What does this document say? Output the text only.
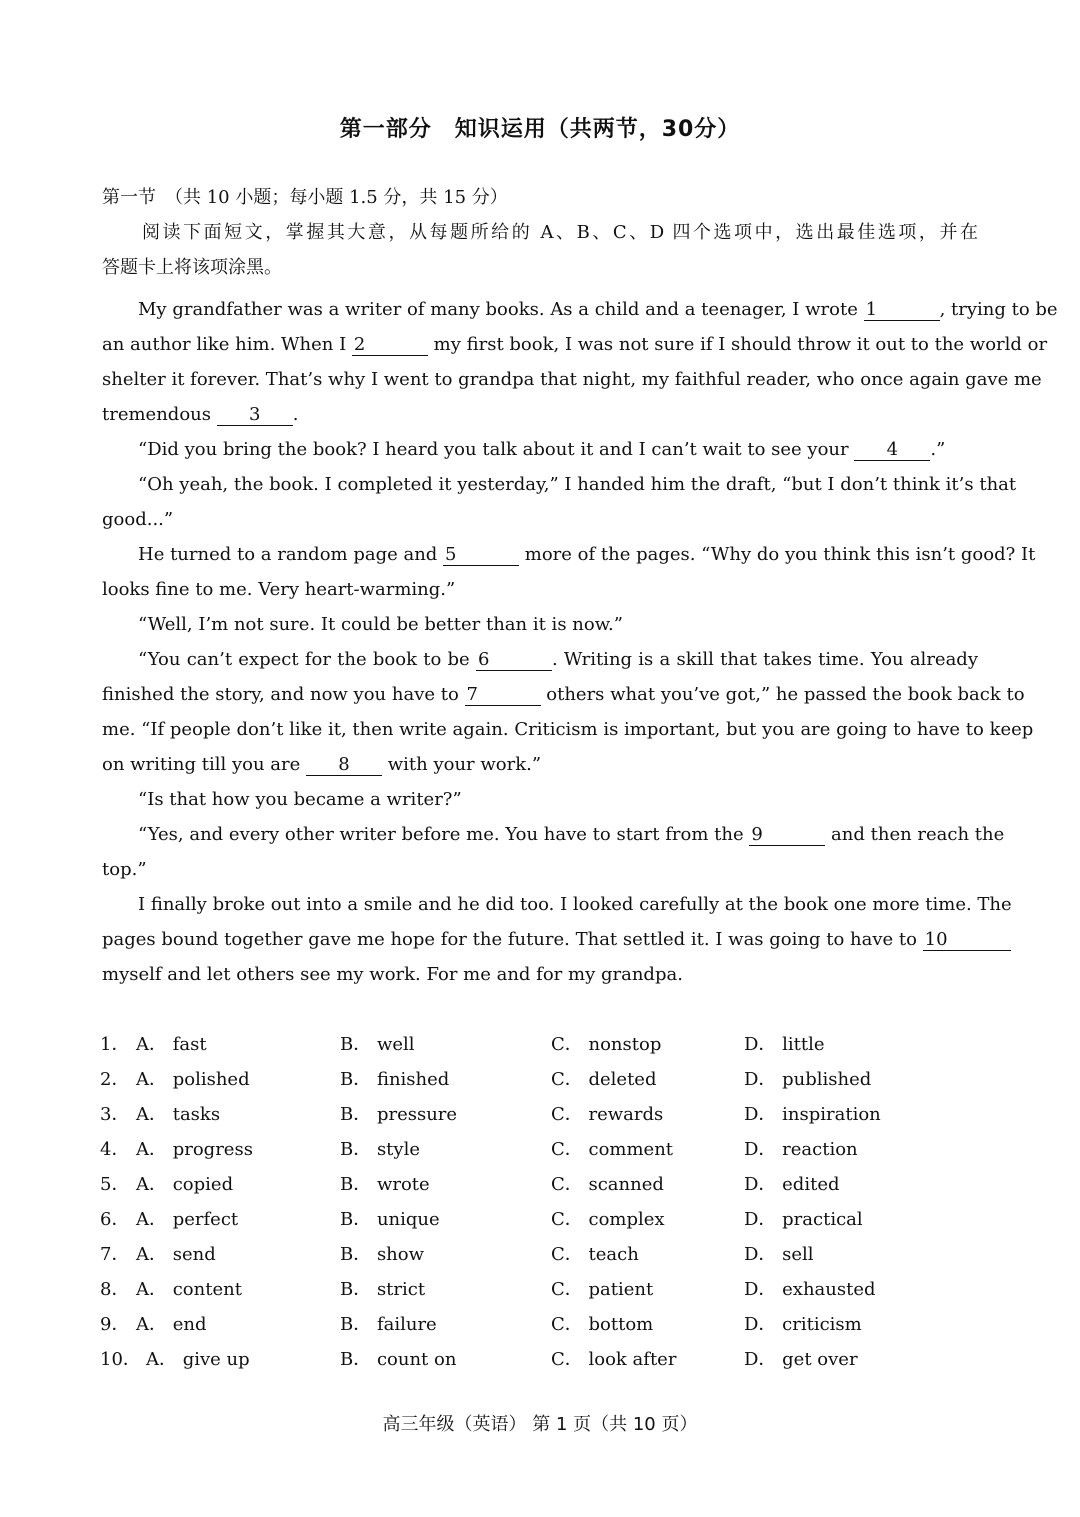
第一部分　知识运用（共两节，30分）
第一节　（共 10 小题；每小题 1.5 分，共 15 分）
阅读下面短文，掌握其大意，从每题所给的 A、B、C、D 四个选项中，选出最佳选项，并在
答题卡上将该项涂黑。
My grandfather was a writer of many books. As a child and a teenager, I wrote 1	, trying to be
an author like him. When I 2	my first book, I was not sure if I should throw it out to the world or
shelter it forever. That’s why I went to grandpa that night, my faithful reader, who once again gave me
tremendous 3 .
“Did you bring the book? I heard you talk about it and I can’t wait to see your 4 .”
“Oh yeah, the book. I completed it yesterday,” I handed him the draft, “but I don’t think it’s that
good...”
He turned to a random page and 5	more of the pages. “Why do you think this isn’t good? It
looks fine to me. Very heart-warming.”
“Well, I’m not sure. It could be better than it is now.”
“You can’t expect for the book to be 6	. Writing is a skill that takes time. You already
finished the story, and now you have to 7	others what you’ve got,” he passed the book back to
me. “If people don’t like it, then write again. Criticism is important, but you are going to have to keep
on writing till you are 8 with your work.”
“Is that how you became a writer?”
“Yes, and every other writer before me. You have to start from the 9	and then reach the
top.”
I finally broke out into a smile and he did too. I looked carefully at the book one more time. The
pages bound together gave me hope for the future. That settled it. I was going to have to 10
myself and let others see my work. For me and for my grandpa.
1． A． fast	B． well	C． nonstop	D． little
2． A． polished	B． finished	C． deleted	D． published
3． A． tasks	B． pressure	C． rewards	D． inspiration
4． A． progress	B． style	C． comment	D． reaction
5． A． copied	B． wrote	C． scanned	D． edited
6． A． perfect	B． unique	C． complex	D． practical
7． A． send	B． show	C． teach	D． sell
8． A． content	B． strict	C． patient	D． exhausted
9． A． end	B． failure	C． bottom	D． criticism
10． A． give up	B． count on	C． look after	D． get over
高三年级（英语） 第 1 页（共 10 页）
